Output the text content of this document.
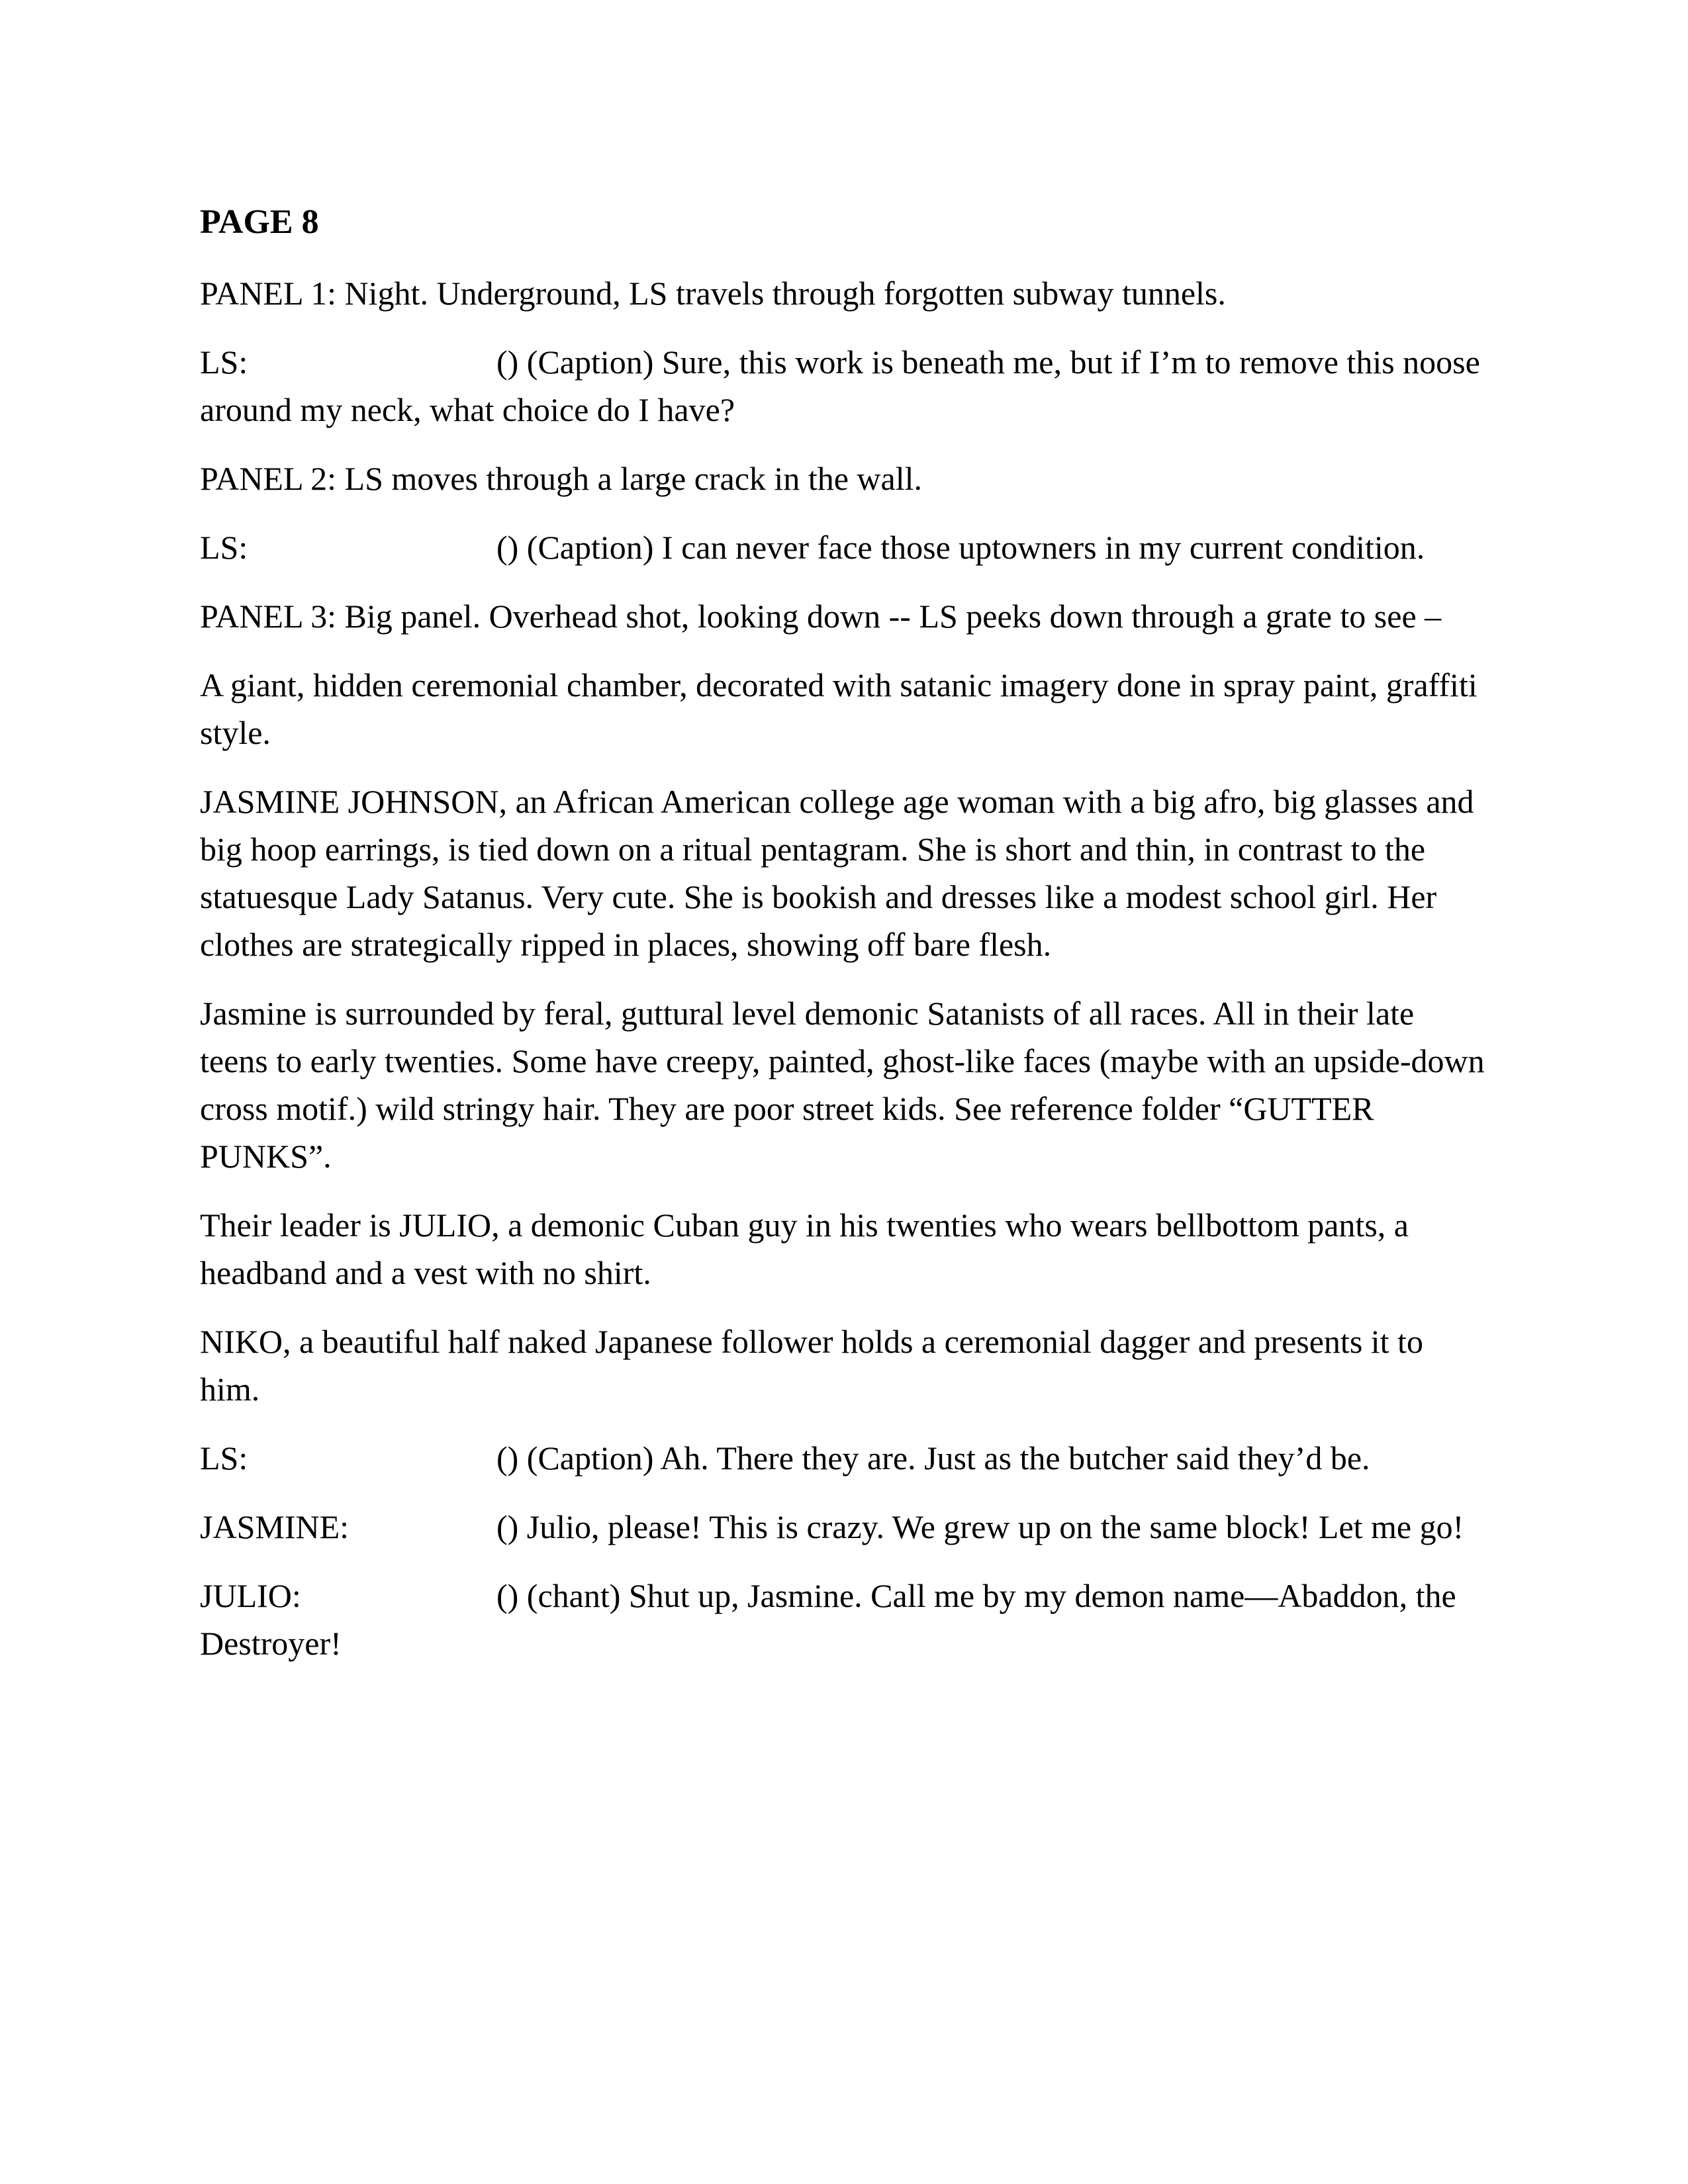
PAGE 8

PANEL 1: Night. Underground, LS travels through forgotten subway tunnels.

LS:	() (Caption) Sure, this work is beneath me, but if I’m to remove this noose around my neck, what choice do I have?

PANEL 2: LS moves through a large crack in the wall.

LS:	() (Caption) I can never face those uptowners in my current condition.

PANEL 3: Big panel. Overhead shot, looking down -- LS peeks down through a grate to see –

A giant, hidden ceremonial chamber, decorated with satanic imagery done in spray paint, graffiti style.

JASMINE JOHNSON, an African American college age woman with a big afro, big glasses and big hoop earrings, is tied down on a ritual pentagram. She is short and thin, in contrast to the statuesque Lady Satanus. Very cute. She is bookish and dresses like a modest school girl. Her clothes are strategically ripped in places, showing off bare flesh.

Jasmine is surrounded by feral, guttural level demonic Satanists of all races. All in their late teens to early twenties. Some have creepy, painted, ghost-like faces (maybe with an upside-down cross motif.) wild stringy hair. They are poor street kids. See reference folder “GUTTER PUNKS”.

Their leader is JULIO, a demonic Cuban guy in his twenties who wears bellbottom pants, a headband and a vest with no shirt.

NIKO, a beautiful half naked Japanese follower holds a ceremonial dagger and presents it to him.

LS:	() (Caption) Ah. There they are. Just as the butcher said they’d be.

JASMINE:	() Julio, please! This is crazy. We grew up on the same block! Let me go!

JULIO:	() (chant) Shut up, Jasmine. Call me by my demon name—Abaddon, the Destroyer!
